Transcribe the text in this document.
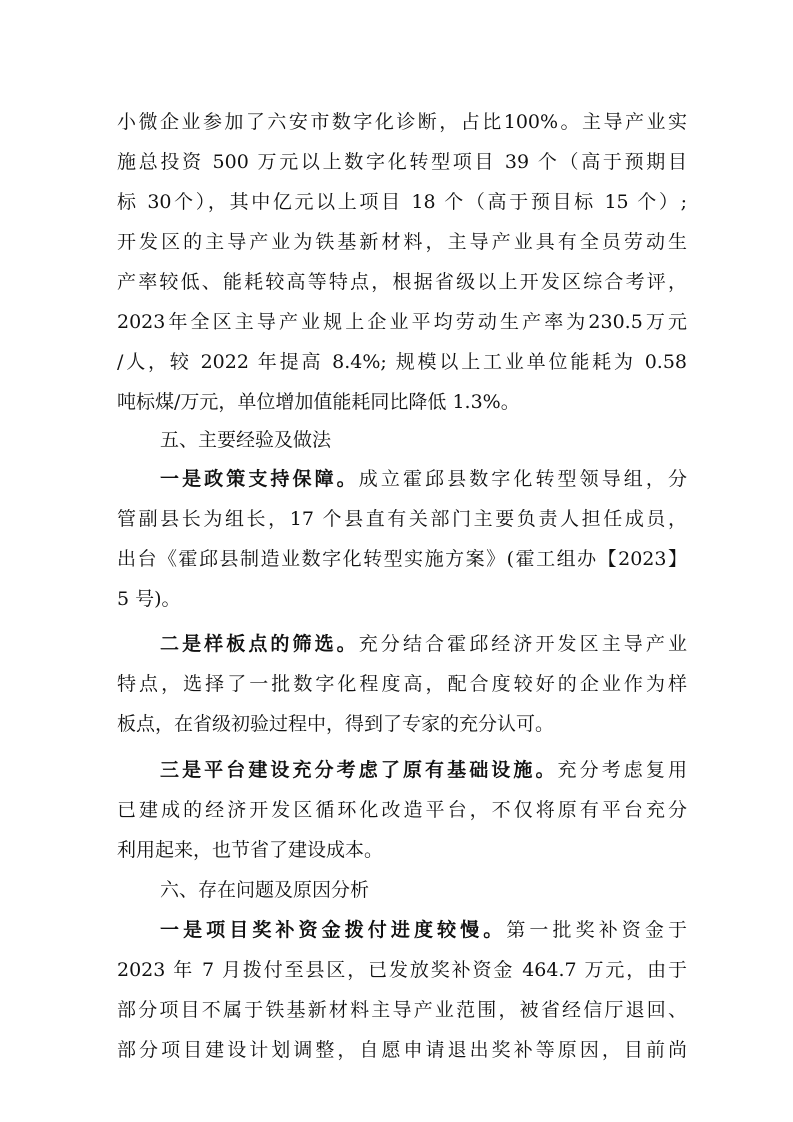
小微企业参加了六安市数字化诊断，占比100%。主导产业实
施总投资 500 万元以上数字化转型项目 39 个（高于预期目
标 30个），其中亿元以上项目 18 个（高于预目标 15 个）;
开发区的主导产业为铁基新材料，主导产业具有全员劳动生
产率较低、能耗较高等特点，根据省级以上开发区综合考评，
2023年全区主导产业规上企业平均劳动生产率为230.5万元
/人，较 2022 年提高 8.4%; 规模以上工业单位能耗为 0.58
吨标煤/万元，单位增加值能耗同比降低 1.3%。
五、主要经验及做法
一是政策支持保障。成立霍邱县数字化转型领导组，分
管副县长为组长，17 个县直有关部门主要负责人担任成员，
出台《霍邱县制造业数字化转型实施方案》(霍工组办【2023】
5 号)。
二是样板点的筛选。充分结合霍邱经济开发区主导产业
特点，选择了一批数字化程度高，配合度较好的企业作为样
板点，在省级初验过程中，得到了专家的充分认可。
三是平台建设充分考虑了原有基础设施。充分考虑复用
已建成的经济开发区循环化改造平台，不仅将原有平台充分
利用起来，也节省了建设成本。
六、存在问题及原因分析
一是项目奖补资金拨付进度较慢。第一批奖补资金于
2023 年 7 月拨付至县区，已发放奖补资金 464.7 万元，由于
部分项目不属于铁基新材料主导产业范围，被省经信厅退回、
部分项目建设计划调整，自愿申请退出奖补等原因，目前尚
